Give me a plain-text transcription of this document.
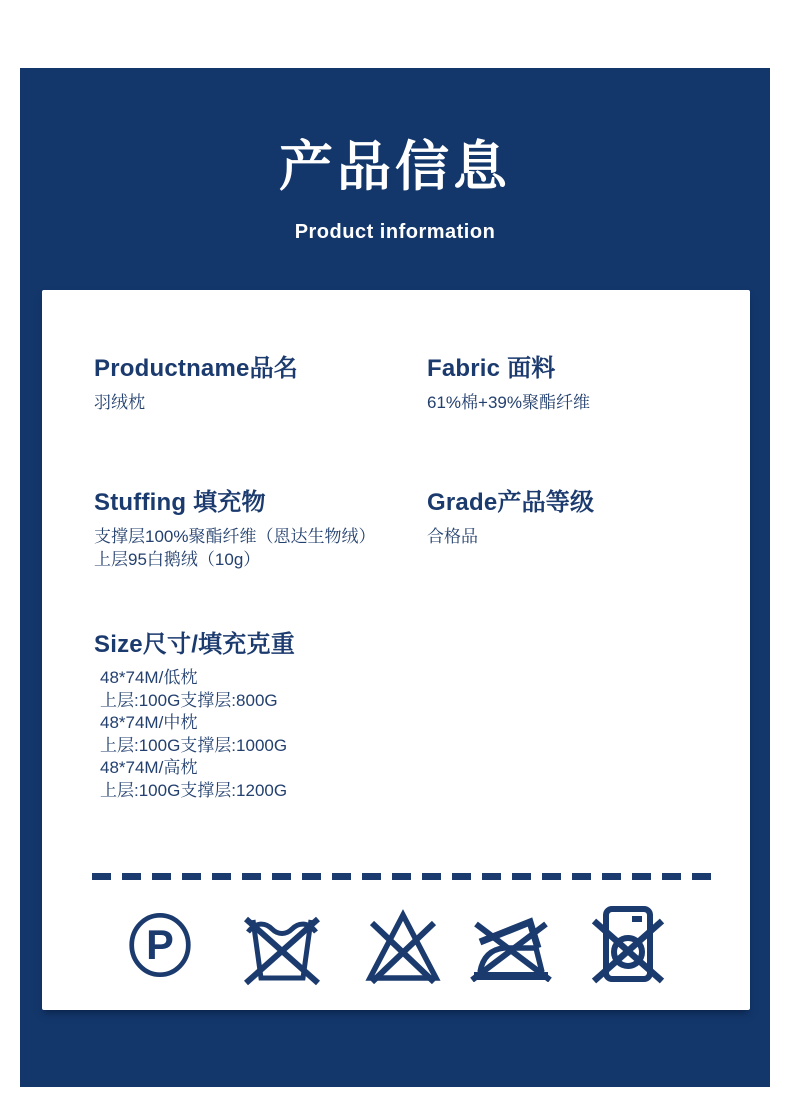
产品信息
Product information
Productname品名
羽绒枕
Fabric 面料
61%棉+39%聚酯纤维
Stuffing 填充物
支撑层100%聚酯纤维（恩达生物绒）
上层95白鹅绒（10g）
Grade产品等级
合格品
Size尺寸/填充克重
48*74M/低枕
上层:100G支撑层:800G
48*74M/中枕
上层:100G支撑层:1000G
48*74M/高枕
上层:100G支撑层:1200G
P
